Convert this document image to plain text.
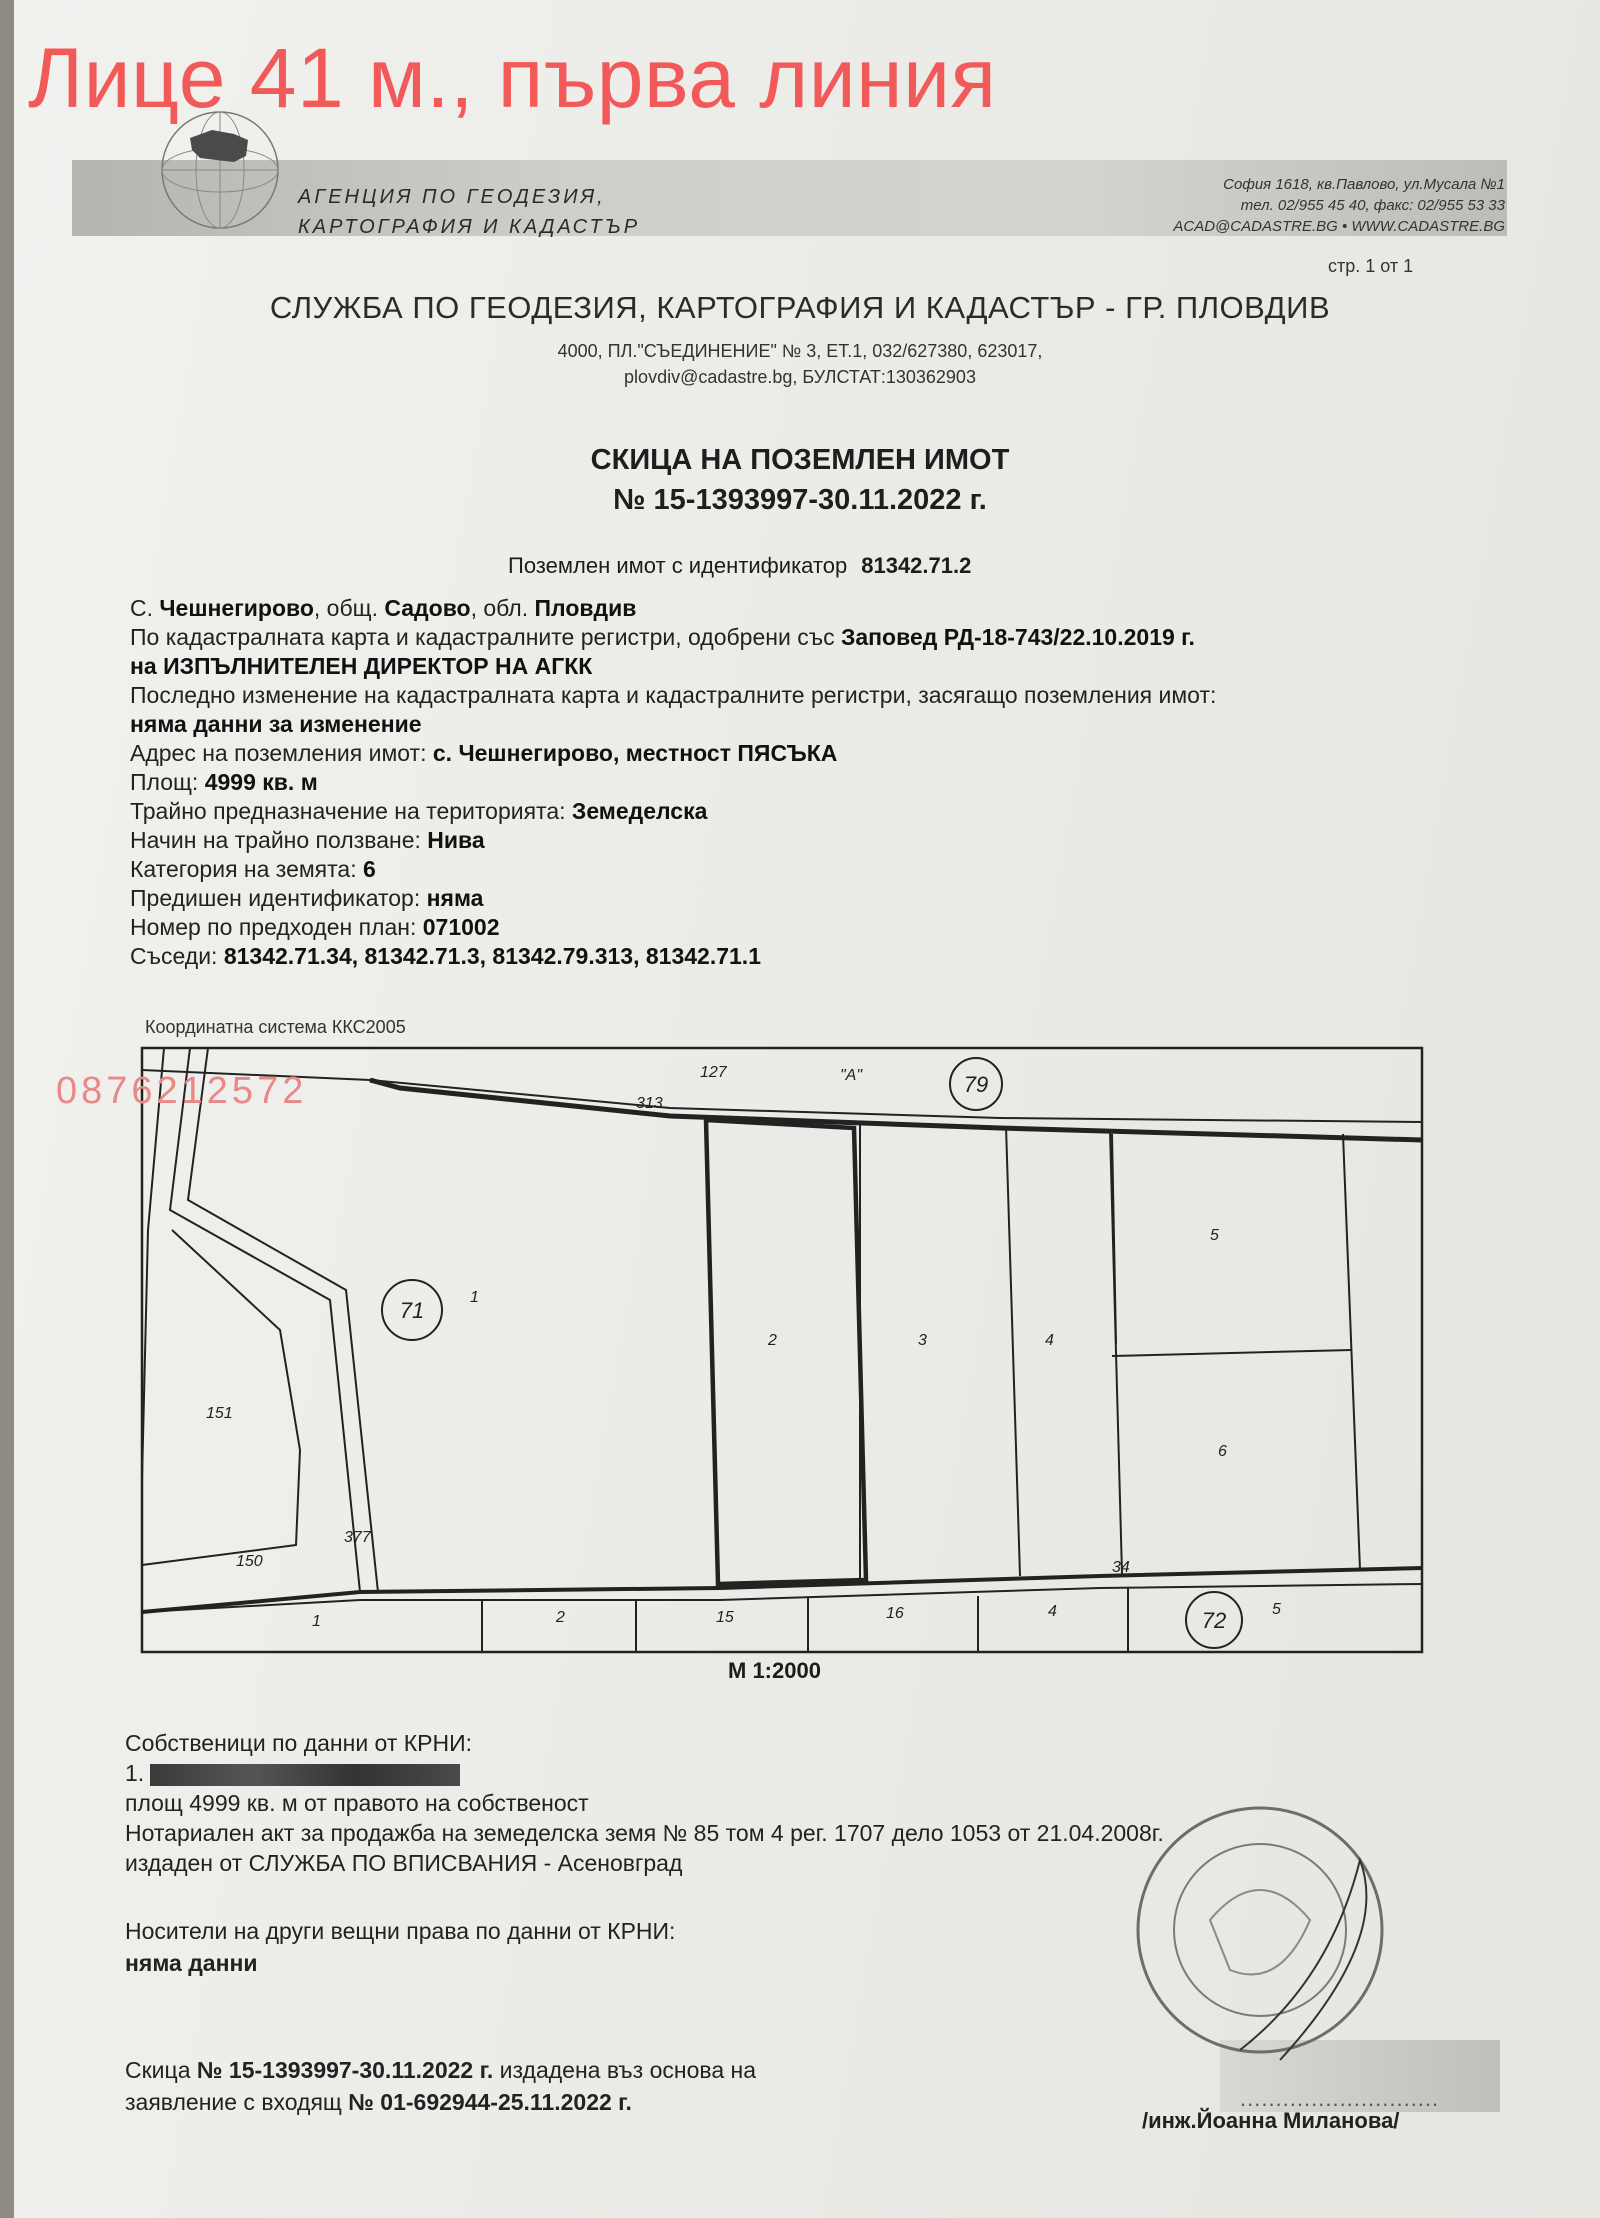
АГЕНЦИЯ ПО ГЕОДЕЗИЯ,
КАРТОГРАФИЯ И КАДАСТЪР
София 1618, кв.Павлово, ул.Мусала №1
тел. 02/955 45 40, факс: 02/955 53 33
ACAD@CADASTRE.BG • WWW.CADASTRE.BG
Лице 41 м., първа линия
стр. 1 от 1
СЛУЖБА ПО ГЕОДЕЗИЯ, КАРТОГРАФИЯ И КАДАСТЪР - ГР. ПЛОВДИВ
4000, ПЛ."СЪЕДИНЕНИЕ" № 3, ЕТ.1, 032/627380, 623017,
plovdiv@cadastre.bg, БУЛСТАТ:130362903
СКИЦА НА ПОЗЕМЛЕН ИМОТ
№ 15-1393997-30.11.2022 г.
Поземлен имот с идентификатор 81342.71.2
С. Чешнегирово, общ. Садово, обл. Пловдив
По кадастралната карта и кадастралните регистри, одобрени със Заповед РД-18-743/22.10.2019 г.
на ИЗПЪЛНИТЕЛЕН ДИРЕКТОР НА АГКК
Последно изменение на кадастралната карта и кадастралните регистри, засягащо поземления имот:
няма данни за изменение
Адрес на поземления имот: с. Чешнегирово, местност ПЯСЪКА
Площ: 4999 кв. м
Трайно предназначение на територията: Земеделска
Начин на трайно ползване: Нива
Категория на земята: 6
Предишен идентификатор: няма
Номер по предходен план: 071002
Съседи: 81342.71.34, 81342.71.3, 81342.79.313, 81342.71.1
Координатна система ККС2005
127	"А"
313
1
2	3	4
5
6
151
150
377
34
1	2	15	16	4	5
79
71
72
0876212572
М 1:2000
Собственици по данни от КРНИ:
1.
площ 4999 кв. м от правото на собственост
Нотариален акт за продажба на земеделска земя № 85 том 4 рег. 1707 дело 1053 от 21.04.2008г.
издаден от СЛУЖБА ПО ВПИСВАНИЯ - Асеновград
Носители на други вещни права по данни от КРНИ:
няма данни
Скица № 15-1393997-30.11.2022 г. издадена въз основа на
заявление с входящ № 01-692944-25.11.2022 г.	............................
/инж.Йоанна Миланова/
